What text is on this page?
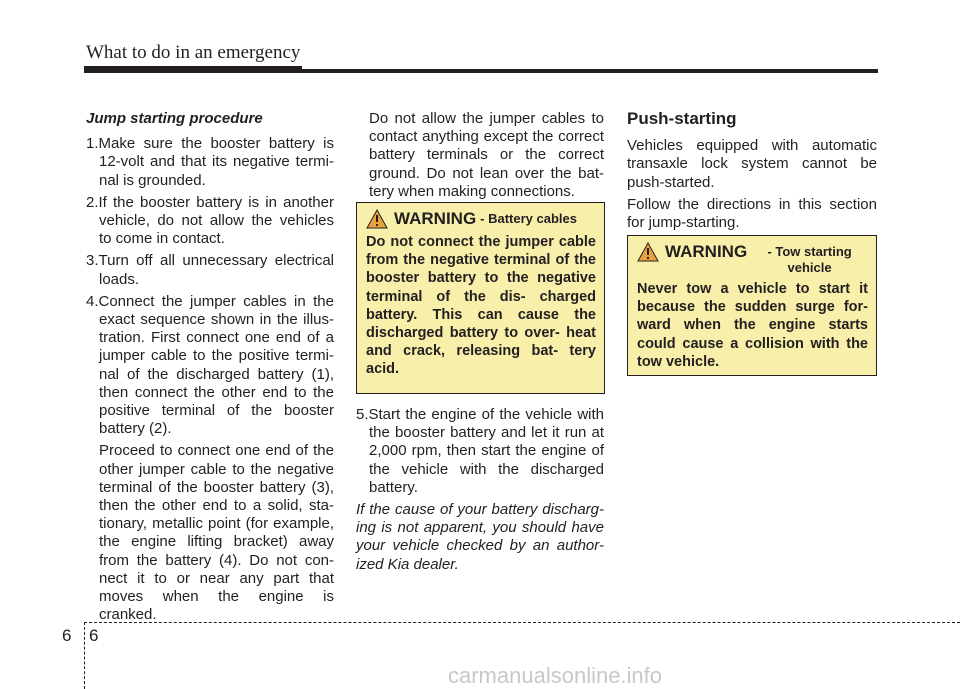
What to do in an emergency

Jump starting procedure

1.Make sure the booster battery is 12-volt and that its negative termi- nal is grounded.

2.If the booster battery is in another vehicle, do not allow the vehicles to come in contact.

3.Turn off all unnecessary electrical loads.

4.Connect the jumper cables in the exact sequence shown in the illus- tration. First connect one end of a jumper cable to the positive termi- nal of the discharged battery (1), then connect the other end to the positive terminal of the booster battery (2).

Proceed to connect one end of the other jumper cable to the negative terminal of the booster battery (3), then the other end to a solid, sta- tionary, metallic point (for example, the engine lifting bracket) away from the battery (4). Do not con- nect it to or near any part that moves when the engine is cranked.

Do not allow the jumper cables to contact anything except the correct battery terminals or the correct ground. Do not lean over the bat- tery when making connections.

WARNING - Battery cables
Do not connect the jumper cable from the negative terminal of the booster battery to the negative terminal of the dis- charged battery. This can cause the discharged battery to over- heat and crack, releasing bat- tery acid.

5.Start the engine of the vehicle with the booster battery and let it run at 2,000 rpm, then start the engine of the vehicle with the discharged battery.

If the cause of your battery discharg- ing is not apparent, you should have your vehicle checked by an author- ized Kia dealer.

Push-starting

Vehicles equipped with automatic transaxle lock system cannot be push-started.

Follow the directions in this section for jump-starting.

WARNING	- Tow starting vehicle
Never tow a vehicle to start it because the sudden surge for- ward when the engine starts could cause a collision with the tow vehicle.
6 6
carmanualsonline.info
